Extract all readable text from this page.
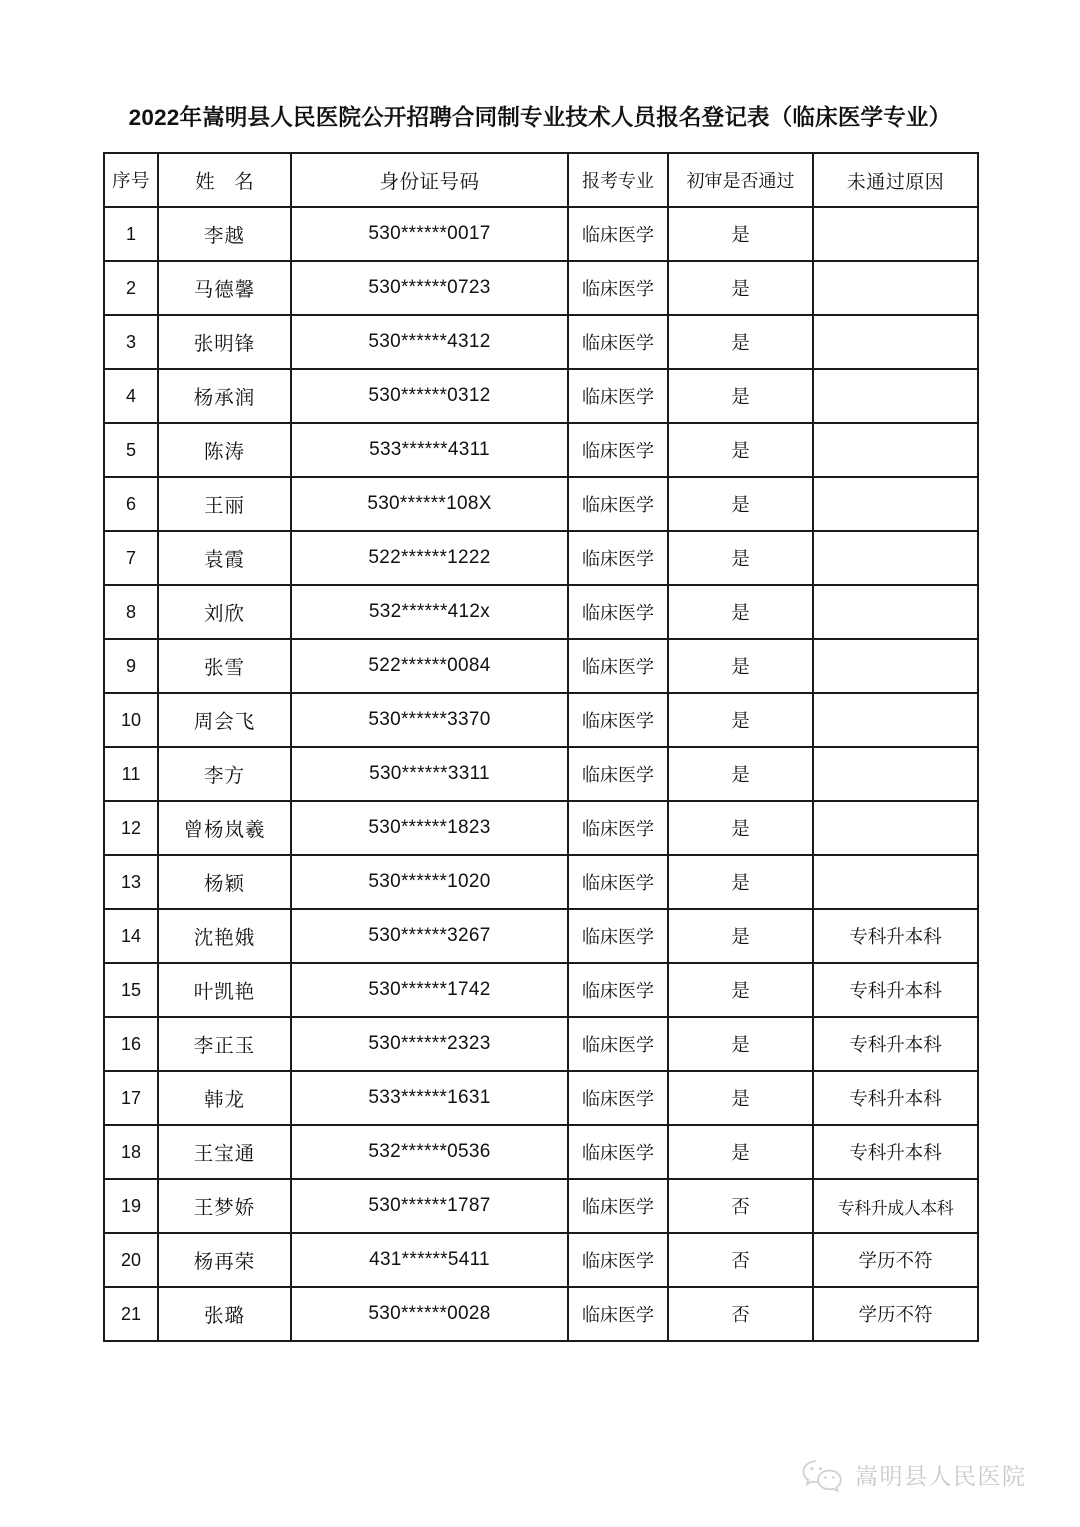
2022年嵩明县人民医院公开招聘合同制专业技术人员报名登记表（临床医学专业）
序号	姓 名	身份证号码	报考专业	初审是否通过	未通过原因
1	李越	530******0017	临床医学	是	
2	马德馨	530******0723	临床医学	是	
3	张明锋	530******4312	临床医学	是	
4	杨承润	530******0312	临床医学	是	
5	陈涛	533******4311	临床医学	是	
6	王丽	530******108X	临床医学	是	
7	袁霞	522******1222	临床医学	是	
8	刘欣	532******412x	临床医学	是	
9	张雪	522******0084	临床医学	是	
10	周会飞	530******3370	临床医学	是	
11	李方	530******3311	临床医学	是	
12	曾杨岚羲	530******1823	临床医学	是	
13	杨颖	530******1020	临床医学	是	
14	沈艳娥	530******3267	临床医学	是	专科升本科
15	叶凯艳	530******1742	临床医学	是	专科升本科
16	李正玉	530******2323	临床医学	是	专科升本科
17	韩龙	533******1631	临床医学	是	专科升本科
18	王宝通	532******0536	临床医学	是	专科升本科
19	王梦娇	530******1787	临床医学	否	专科升成人本科
20	杨再荣	431******5411	临床医学	否	学历不符
21	张璐	530******0028	临床医学	否	学历不符
嵩明县人民医院
